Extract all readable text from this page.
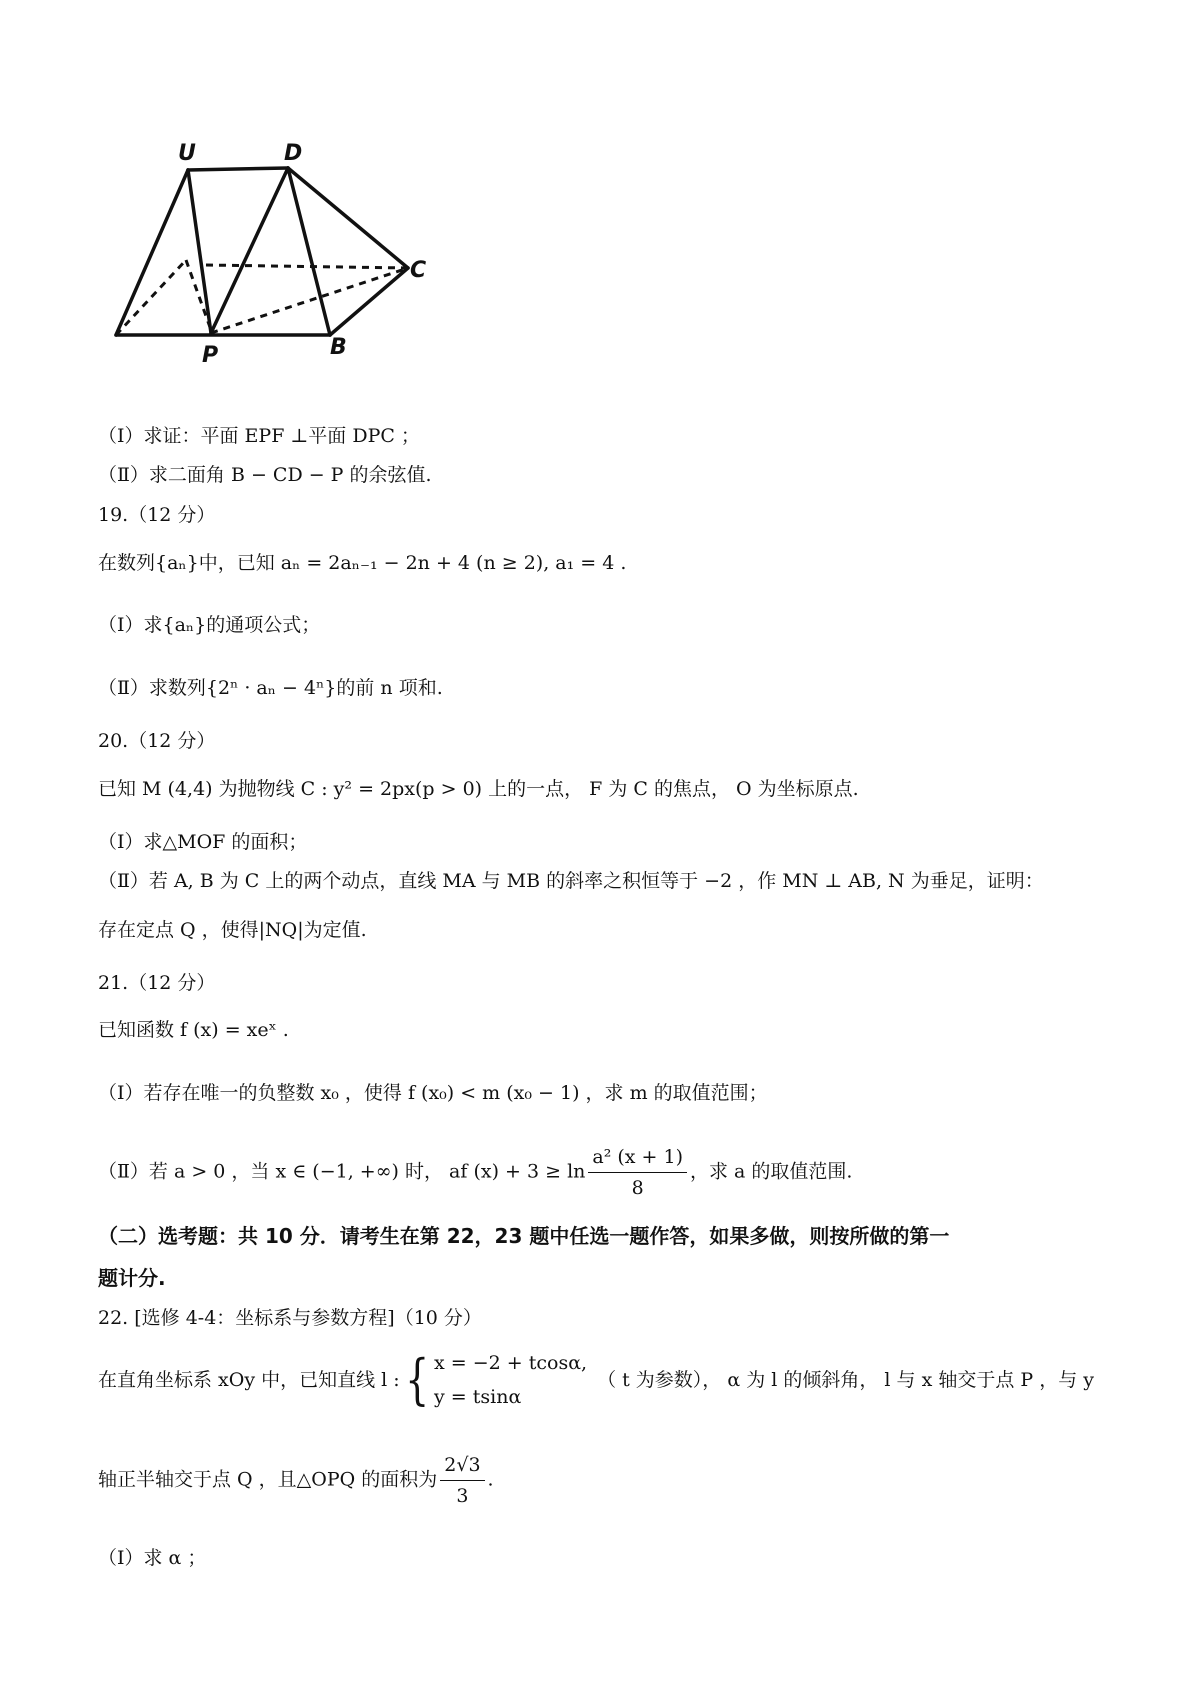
U	D
C
P	B
（Ⅰ）求证：平面 EPF ⊥平面 DPC ；
（Ⅱ）求二面角 B − CD − P 的余弦值.
19.（12 分）
在数列{aₙ}中，已知 aₙ = 2aₙ₋₁ − 2n + 4 (n ≥ 2), a₁ = 4 .
（Ⅰ）求{aₙ}的通项公式；
（Ⅱ）求数列{2ⁿ · aₙ − 4ⁿ}的前 n 项和.
20.（12 分）
已知 M (4,4) 为抛物线 C : y² = 2px(p > 0) 上的一点， F 为 C 的焦点， O 为坐标原点.
（Ⅰ）求△MOF 的面积；
（Ⅱ）若 A, B 为 C 上的两个动点，直线 MA 与 MB 的斜率之积恒等于 −2 ，作 MN ⊥ AB, N 为垂足，证明：
存在定点 Q ，使得|NQ|为定值.
21.（12 分）
已知函数 f (x) = xeˣ .
（Ⅰ）若存在唯一的负整数 x₀ ，使得 f (x₀) < m (x₀ − 1) ，求 m 的取值范围；
（Ⅱ）若 a > 0 ，当 x ∈ (−1, +∞) 时， af $(x) + 3 \ge \ln \frac{\text{a² (x + 1)}}{8}$ ，求 a 的取值范围.
（二）选考题：共 10 分．请考生在第 22，23 题中任选一题作答，如果多做，则按所做的第一
题计分.
22. [选修 4-4：坐标系与参数方程]（10 分）
在直角坐标系 xOy 中，已知直线 l :{ x = −2 + tcosα,
y = tsinα
（ t 为参数）， α 为 l 的倾斜角， l 与 x 轴交于点 P ，与 y
轴正半轴交于点 Q ，且△OPQ 的面积为 $\frac{2√3}{3}$ .
（Ⅰ）求 α ；
